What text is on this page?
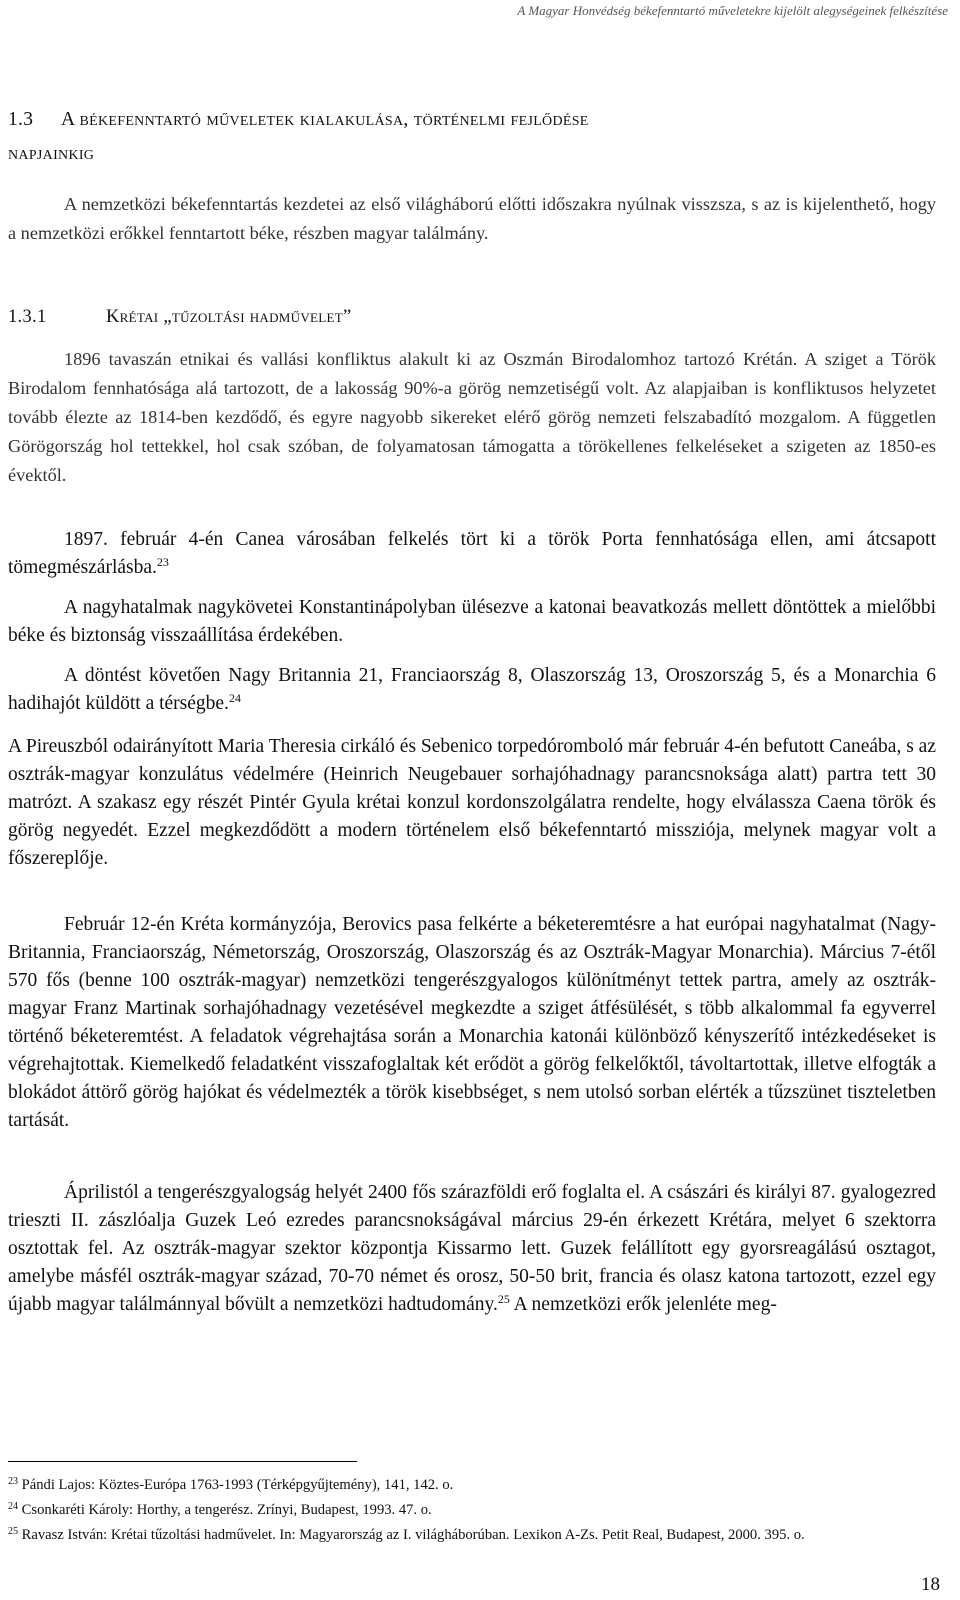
A Magyar Honvédség békefenntartó műveletekre kijelölt alegységeinek felkészítése
1.3 A békefenntartó műveletek kialakulása, történelmi fejlődése
napjainkig
A nemzetközi békefenntartás kezdetei az első világháború előtti időszakra nyúlnak visszsza, s az is kijelenthető, hogy a nemzetközi erőkkel fenntartott béke, részben magyar találmány.
1.3.1	Krétai „tűzoltási hadművelet”
1896 tavaszán etnikai és vallási konfliktus alakult ki az Oszmán Birodalomhoz tartozó Krétán. A sziget a Török Birodalom fennhatósága alá tartozott, de a lakosság 90%-a görög nemzetiségű volt. Az alapjaiban is konfliktusos helyzetet tovább élezte az 1814-ben kezdődő, és egyre nagyobb sikereket elérő görög nemzeti felszabadító mozgalom. A független Görögország hol tettekkel, hol csak szóban, de folyamatosan támogatta a törökellenes felkeléseket a szigeten az 1850-es évektől.
1897. február 4-én Canea városában felkelés tört ki a török Porta fennhatósága ellen, ami átcsapott tömegmészárlásba.$^{23}$
A nagyhatalmak nagykövetei Konstantinápolyban ülésezve a katonai beavatkozás mellett döntöttek a mielőbbi béke és biztonság visszaállítása érdekében.
A döntést követően Nagy Britannia 21, Franciaország 8, Olaszország 13, Oroszország 5, és a Monarchia 6 hadihajót küldött a térségbe.$^{24}$
A Pireuszból odairányított Maria Theresia cirkáló és Sebenico torpedóromboló már február 4-én befutott Caneába, s az osztrák-magyar konzulátus védelmére (Heinrich Neugebauer sorhajóhadnagy parancsnoksága alatt) partra tett 30 matrózt. A szakasz egy részét Pintér Gyula krétai konzul kordonszolgálatra rendelte, hogy elválassza Caena török és görög negyedét. Ezzel megkezdődött a modern történelem első békefenntartó missziója, melynek magyar volt a főszereplője.
Február 12-én Kréta kormányzója, Berovics pasa felkérte a béketeremtésre a hat európai nagyhatalmat (Nagy-Britannia, Franciaország, Németország, Oroszország, Olaszország és az Osztrák-Magyar Monarchia). Március 7-étől 570 fős (benne 100 osztrák-magyar) nemzetközi tengerészgyalogos különítményt tettek partra, amely az osztrák-magyar Franz Martinak sorhajóhadnagy vezetésével megkezdte a sziget átfésülését, s több alkalommal fa egyverrel történő béketeremtést. A feladatok végrehajtása során a Monarchia katonái különböző kényszerítő intézkedéseket is végrehajtottak. Kiemelkedő feladatként visszafoglaltak két erődöt a görög felkelőktől, távoltartottak, illetve elfogták a blokádot áttörő görög hajókat és védelmezték a török kisebbséget, s nem utolsó sorban elérték a tűzszünet tiszteletben tartását.
Áprilistól a tengerészgyalogság helyét 2400 fős szárazföldi erő foglalta el. A császári és királyi 87. gyalogezred trieszti II. zászlóalja Guzek Leó ezredes parancsnokságával március 29-én érkezett Krétára, melyet 6 szektorra osztottak fel. Az osztrák-magyar szektor központja Kissarmo lett. Guzek felállított egy gyorsreagálású osztagot, amelybe másfél osztrák-magyar század, 70-70 német és orosz, 50-50 brit, francia és olasz katona tartozott, ezzel egy újabb magyar találmánnyal bővült a nemzetközi hadtudomány.$^{25}$ A nemzetközi erők jelenléte meg-
$^{23}$ Pándi Lajos: Köztes-Európa 1763-1993 (Térképgyűjtemény), 141, 142. o.
$^{24}$ Csonkaréti Károly: Horthy, a tengerész. Zrínyi, Budapest, 1993. 47. o.
$^{25}$ Ravasz István: Krétai tűzoltási hadművelet. In: Magyarország az I. világháborúban. Lexikon A-Zs. Petit Real, Budapest, 2000. 395. o.
18
